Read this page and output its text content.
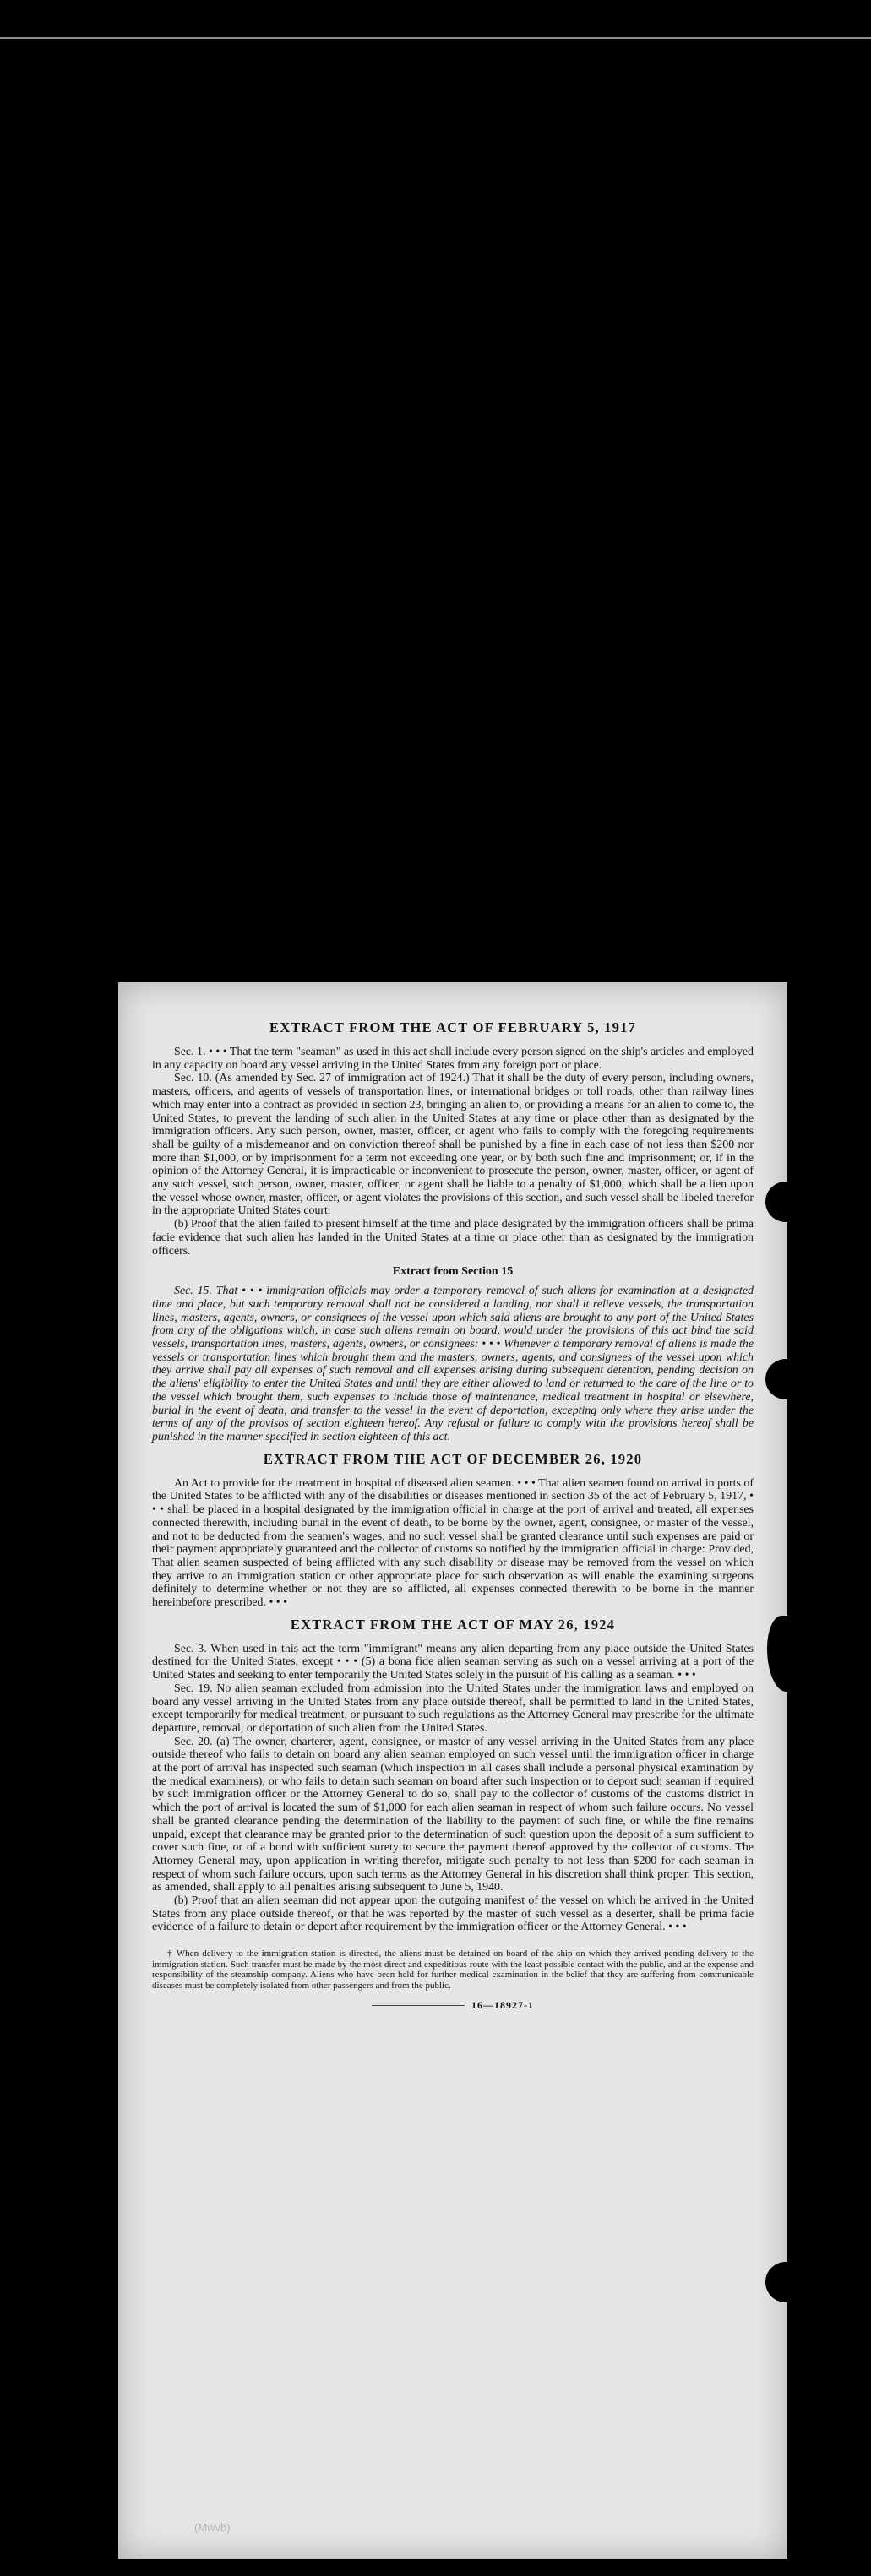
EXTRACT FROM THE ACT OF FEBRUARY 5, 1917

Sec. 1. • • • That the term "seaman" as used in this act shall include every person signed on the ship's articles and employed in any capacity on board any vessel arriving in the United States from any foreign port or place.

Sec. 10. (As amended by Sec. 27 of immigration act of 1924.) That it shall be the duty of every person, including owners, masters, officers, and agents of vessels of transportation lines, or international bridges or toll roads, other than railway lines which may enter into a contract as provided in section 23, bringing an alien to, or providing a means for an alien to come to, the United States, to prevent the landing of such alien in the United States at any time or place other than as designated by the immigration officers. Any such person, owner, master, officer, or agent who fails to comply with the foregoing requirements shall be guilty of a misdemeanor and on conviction thereof shall be punished by a fine in each case of not less than $200 nor more than $1,000, or by imprisonment for a term not exceeding one year, or by both such fine and imprisonment; or, if in the opinion of the Attorney General, it is impracticable or inconvenient to prosecute the person, owner, master, officer, or agent of any such vessel, such person, owner, master, officer, or agent shall be liable to a penalty of $1,000, which shall be a lien upon the vessel whose owner, master, officer, or agent violates the provisions of this section, and such vessel shall be libeled therefor in the appropriate United States court.

(b) Proof that the alien failed to present himself at the time and place designated by the immigration officers shall be prima facie evidence that such alien has landed in the United States at a time or place other than as designated by the immigration officers.

Extract from Section 15

Sec. 15. That • • • immigration officials may order a temporary removal of such aliens for examination at a designated time and place, but such temporary removal shall not be considered a landing, nor shall it relieve vessels, the transportation lines, masters, agents, owners, or consignees of the vessel upon which said aliens are brought to any port of the United States from any of the obligations which, in case such aliens remain on board, would under the provisions of this act bind the said vessels, transportation lines, masters, agents, owners, or consignees: • • • Whenever a temporary removal of aliens is made the vessels or transportation lines which brought them and the masters, owners, agents, and consignees of the vessel upon which they arrive shall pay all expenses of such removal and all expenses arising during subsequent detention, pending decision on the aliens' eligibility to enter the United States and until they are either allowed to land or returned to the care of the line or to the vessel which brought them, such expenses to include those of maintenance, medical treatment in hospital or elsewhere, burial in the event of death, and transfer to the vessel in the event of deportation, excepting only where they arise under the terms of any of the provisos of section eighteen hereof. Any refusal or failure to comply with the provisions hereof shall be punished in the manner specified in section eighteen of this act.

EXTRACT FROM THE ACT OF DECEMBER 26, 1920

An Act to provide for the treatment in hospital of diseased alien seamen. • • • That alien seamen found on arrival in ports of the United States to be afflicted with any of the disabilities or diseases mentioned in section 35 of the act of February 5, 1917, • • • shall be placed in a hospital designated by the immigration official in charge at the port of arrival and treated, all expenses connected therewith, including burial in the event of death, to be borne by the owner, agent, consignee, or master of the vessel, and not to be deducted from the seamen's wages, and no such vessel shall be granted clearance until such expenses are paid or their payment appropriately guaranteed and the collector of customs so notified by the immigration official in charge: Provided, That alien seamen suspected of being afflicted with any such disability or disease may be removed from the vessel on which they arrive to an immigration station or other appropriate place for such observation as will enable the examining surgeons definitely to determine whether or not they are so afflicted, all expenses connected therewith to be borne in the manner hereinbefore prescribed. • • •

EXTRACT FROM THE ACT OF MAY 26, 1924

Sec. 3. When used in this act the term "immigrant" means any alien departing from any place outside the United States destined for the United States, except • • • (5) a bona fide alien seaman serving as such on a vessel arriving at a port of the United States and seeking to enter temporarily the United States solely in the pursuit of his calling as a seaman. • • •

Sec. 19. No alien seaman excluded from admission into the United States under the immigration laws and employed on board any vessel arriving in the United States from any place outside thereof, shall be permitted to land in the United States, except temporarily for medical treatment, or pursuant to such regulations as the Attorney General may prescribe for the ultimate departure, removal, or deportation of such alien from the United States.

Sec. 20. (a) The owner, charterer, agent, consignee, or master of any vessel arriving in the United States from any place outside thereof who fails to detain on board any alien seaman employed on such vessel until the immigration officer in charge at the port of arrival has inspected such seaman (which inspection in all cases shall include a personal physical examination by the medical examiners), or who fails to detain such seaman on board after such inspection or to deport such seaman if required by such immigration officer or the Attorney General to do so, shall pay to the collector of customs of the customs district in which the port of arrival is located the sum of $1,000 for each alien seaman in respect of whom such failure occurs. No vessel shall be granted clearance pending the determination of the liability to the payment of such fine, or while the fine remains unpaid, except that clearance may be granted prior to the determination of such question upon the deposit of a sum sufficient to cover such fine, or of a bond with sufficient surety to secure the payment thereof approved by the collector of customs. The Attorney General may, upon application in writing therefor, mitigate such penalty to not less than $200 for each seaman in respect of whom such failure occurs, upon such terms as the Attorney General in his discretion shall think proper. This section, as amended, shall apply to all penalties arising subsequent to June 5, 1940.

(b) Proof that an alien seaman did not appear upon the outgoing manifest of the vessel on which he arrived in the United States from any place outside thereof, or that he was reported by the master of such vessel as a deserter, shall be prima facie evidence of a failure to detain or deport after requirement by the immigration officer or the Attorney General. • • •

† When delivery to the immigration station is directed, the aliens must be detained on board of the ship on which they arrived pending delivery to the immigration station. Such transfer must be made by the most direct and expeditious route with the least possible contact with the public, and at the expense and responsibility of the steamship company. Aliens who have been held for further medical examination in the belief that they are suffering from communicable diseases must be completely isolated from other passengers and from the public.

16—18927-1
(Mwvb)
